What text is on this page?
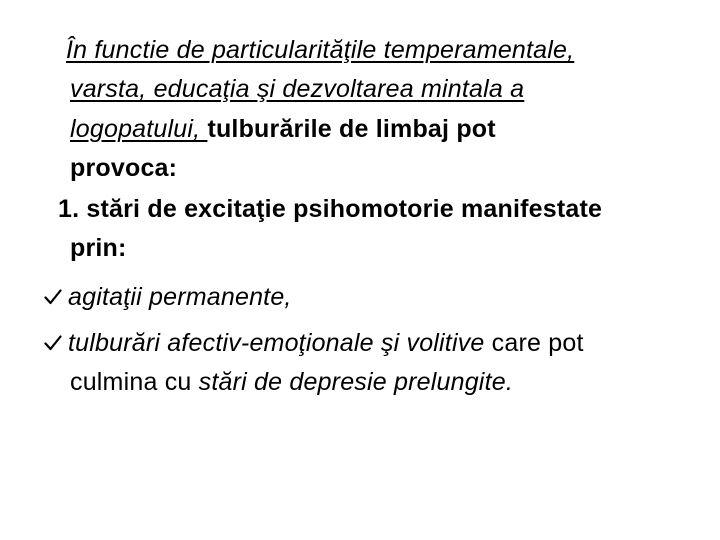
În functie de particularităţile temperamentale,
varsta, educaţia şi dezvoltarea mintala a
logopatului, tulburările de limbaj pot
provoca:
1. stări de excitaţie psihomotorie manifestate
prin:
agitaţii permanente,
tulburări afectiv-emoţionale şi volitive care pot
culmina cu stări de depresie prelungite.
